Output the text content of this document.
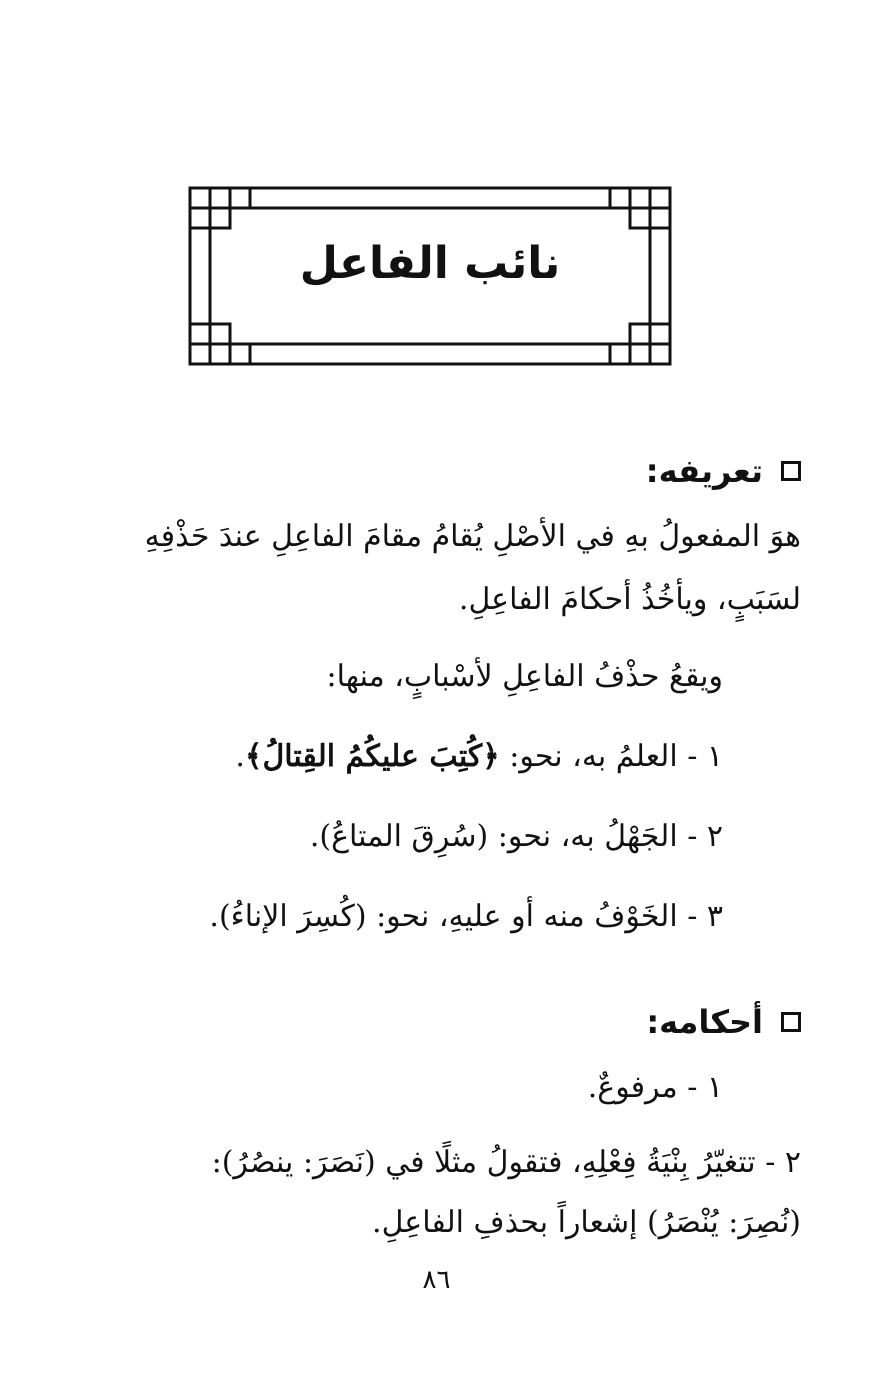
نائب الفاعل
تعريفه:
هوَ المفعولُ بهِ في الأصْلِ يُقامُ مقامَ الفاعِلِ عندَ حَذْفِهِ
لسَبَبٍ، ويأخُذُ أحكامَ الفاعِلِ.
ويقعُ حذْفُ الفاعِلِ لأسْبابٍ، منها:
١ - العلمُ به، نحو: ﴿كُتِبَ عليكُمُ القِتالُ﴾.
٢ - الجَهْلُ به، نحو: (سُرِقَ المتاعُ).
٣ - الخَوْفُ منه أو عليهِ، نحو: (كُسِرَ الإناءُ).
أحكامه:
١ - مرفوعٌ.
٢ - تتغيّرُ بِنْيَةُ فِعْلِهِ، فتقولُ مثلًا في (نَصَرَ: ينصُرُ):
(نُصِرَ: يُنْصَرُ) إشعاراً بحذفِ الفاعِلِ.
٨٦
